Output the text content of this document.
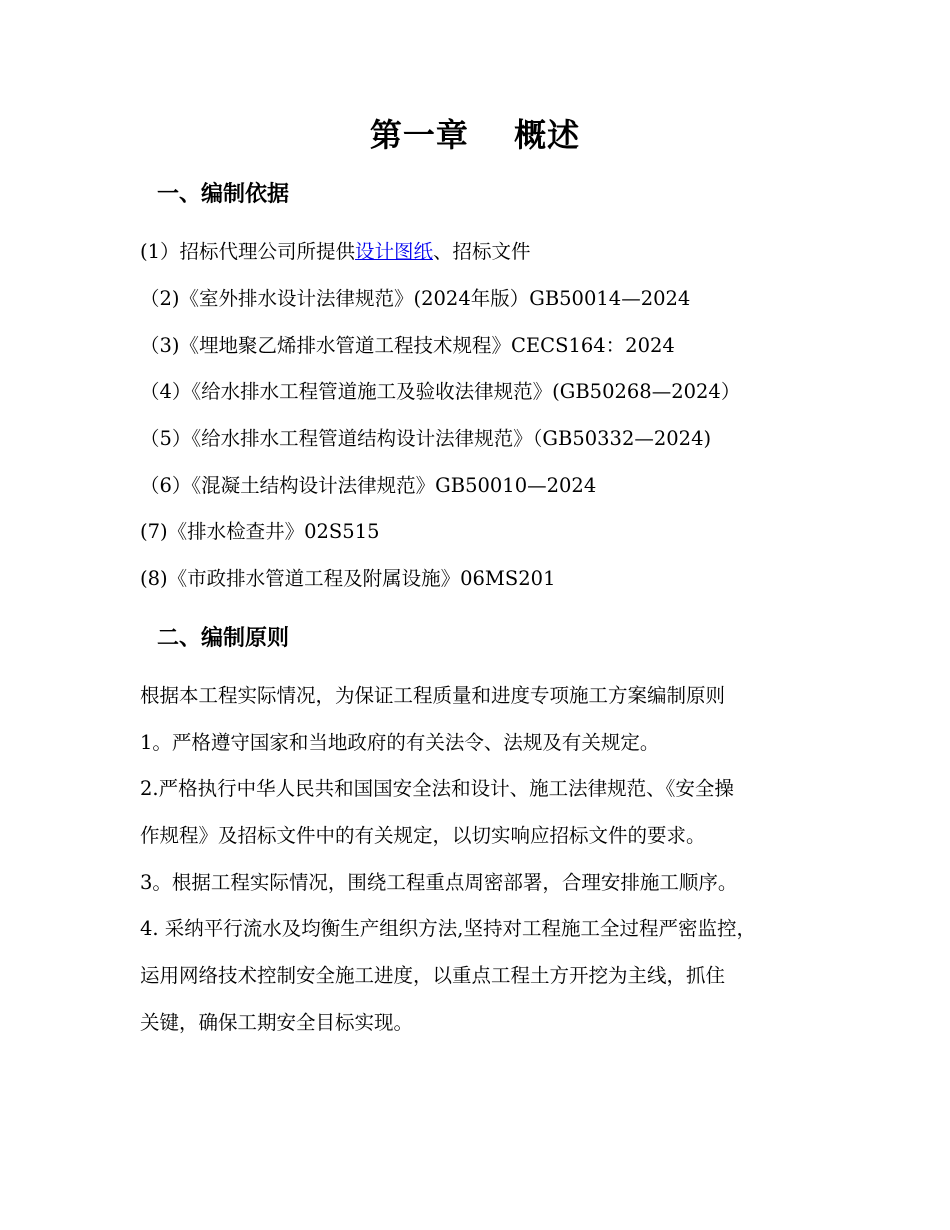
第一章　 概述
一、编制依据
(1）招标代理公司所提供设计图纸、招标文件
（2)《室外排水设计法律规范》(2024年版）GB50014—2024
（3)《埋地聚乙烯排水管道工程技术规程》CECS164：2024
（4）《给水排水工程管道施工及验收法律规范》(GB50268—2024）
（5）《给水排水工程管道结构设计法律规范》（GB50332—2024)
（6）《混凝土结构设计法律规范》GB50010—2024
(7)《排水检查井》02S515
(8)《市政排水管道工程及附属设施》06MS201
二、编制原则
根据本工程实际情况，为保证工程质量和进度专项施工方案编制原则
1。严格遵守国家和当地政府的有关法令、法规及有关规定。
2.严格执行中华人民共和国国安全法和设计、施工法律规范、《安全操
作规程》及招标文件中的有关规定，以切实响应招标文件的要求。
3。根据工程实际情况，围绕工程重点周密部署，合理安排施工顺序。
4. 采纳平行流水及均衡生产组织方法,坚持对工程施工全过程严密监控，
运用网络技术控制安全施工进度，以重点工程土方开挖为主线，抓住
关键，确保工期安全目标实现。
